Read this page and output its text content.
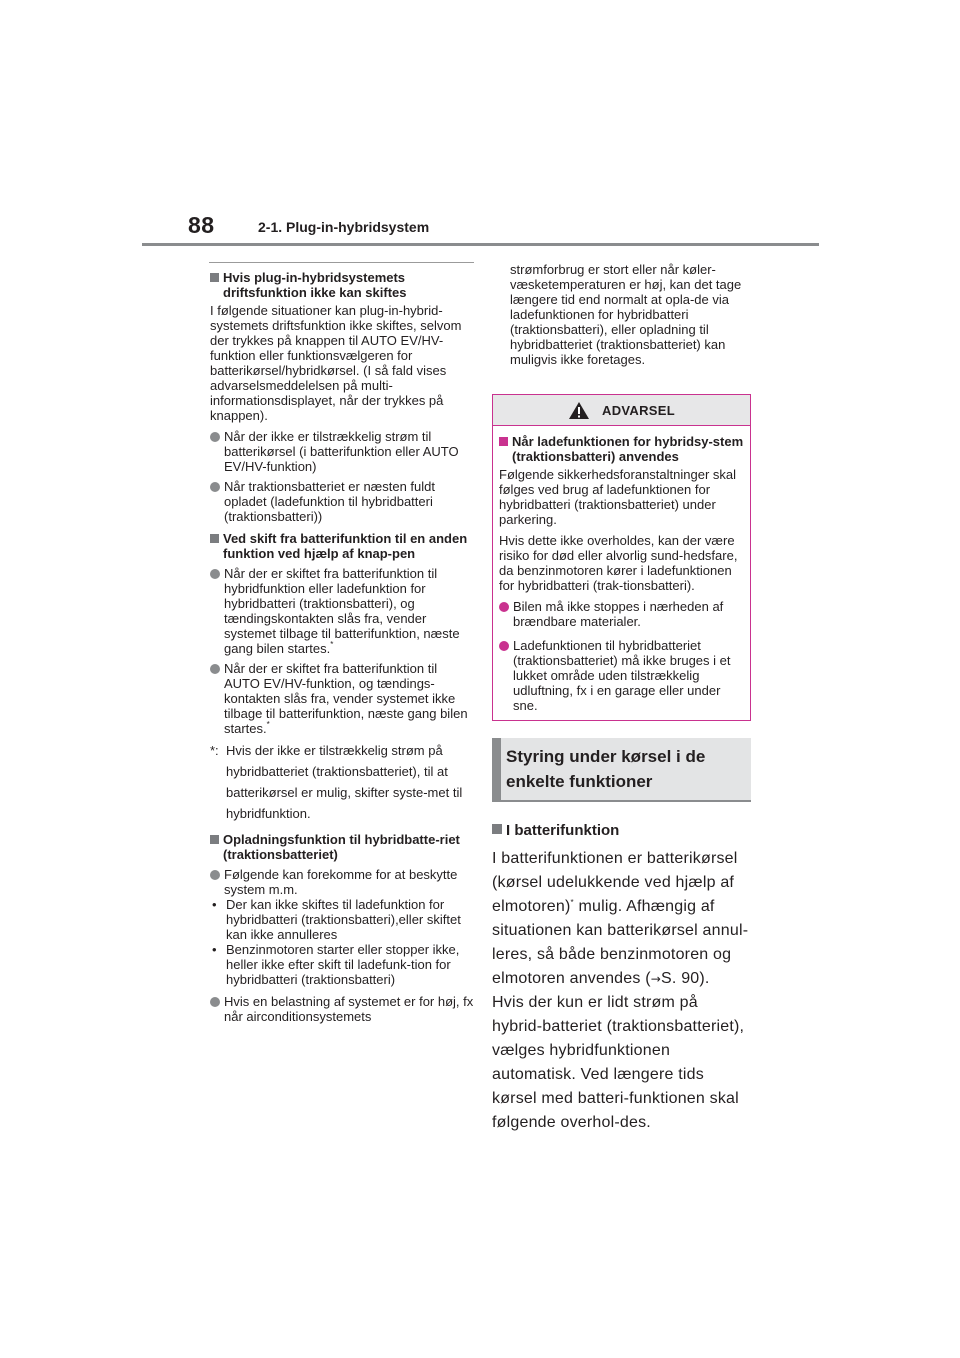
88	2-1. Plug-in-hybridsystem
Hvis plug-in-hybridsystemets driftsfunktion ikke kan skiftes
I følgende situationer kan plug-in-hybrid-systemets driftsfunktion ikke skiftes, selvom der trykkes på knappen til AUTO EV/HV-funktion eller funktionsvælgeren for batterikørsel/hybridkørsel. (I så fald vises advarselsmeddelelsen på multi-informationsdisplayet, når der trykkes på knappen).
Når der ikke er tilstrækkelig strøm til batterikørsel (i batterifunktion eller AUTO EV/HV-funktion)
Når traktionsbatteriet er næsten fuldt opladet (ladefunktion til hybridbatteri (traktionsbatteri))
Ved skift fra batterifunktion til en anden funktion ved hjælp af knap-pen
Når der er skiftet fra batterifunktion til hybridfunktion eller ladefunktion for hybridbatteri (traktionsbatteri), og tændingskontakten slås fra, vender systemet tilbage til batterifunktion, næste gang bilen startes.*
Når der er skiftet fra batterifunktion til AUTO EV/HV-funktion, og tændings-kontakten slås fra, vender systemet ikke tilbage til batterifunktion, næste gang bilen startes.*
*: Hvis der ikke er tilstrækkelig strøm på hybridbatteriet (traktionsbatteriet), til at batterikørsel er mulig, skifter syste-met til hybridfunktion.
Opladningsfunktion til hybridbatte-riet (traktionsbatteriet)
Følgende kan forekomme for at beskytte system m.m.
• Der kan ikke skiftes til ladefunktion for hybridbatteri (traktionsbatteri),eller skiftet kan ikke annulleres
• Benzinmotoren starter eller stopper ikke, heller ikke efter skift til ladefunk-tion for hybridbatteri (traktionsbatteri)
Hvis en belastning af systemet er for høj, fx når airconditionsystemets
strømforbrug er stort eller når køler-væsketemperaturen er høj, kan det tage længere tid end normalt at opla-de via ladefunktionen for hybridbatteri (traktionsbatteri), eller opladning til hybridbatteriet (traktionsbatteriet) kan muligvis ikke foretages.
ADVARSEL
Når ladefunktionen for hybridsy-stem (traktionsbatteri) anvendes
Følgende sikkerhedsforanstaltninger skal følges ved brug af ladefunktionen for hybridbatteri (traktionsbatteriet) under parkering.
Hvis dette ikke overholdes, kan der være risiko for død eller alvorlig sund-hedsfare, da benzinmotoren kører i ladefunktionen for hybridbatteri (trak-tionsbatteri).
Bilen må ikke stoppes i nærheden af brændbare materialer.
Ladefunktionen til hybridbatteriet (traktionsbatteriet) må ikke bruges i et lukket område uden tilstrækkelig udluftning, fx i en garage eller under sne.
Styring under kørsel i de enkelte funktioner
I batterifunktion
I batterifunktionen er batterikørsel (kørsel udelukkende ved hjælp af elmotoren)* mulig. Afhængig af situationen kan batterikørsel annul-leres, så både benzinmotoren og elmotoren anvendes (→S. 90).
Hvis der kun er lidt strøm på hybrid-batteriet (traktionsbatteriet), vælges hybridfunktionen automatisk. Ved længere tids kørsel med batteri-funktionen skal følgende overhol-des.
